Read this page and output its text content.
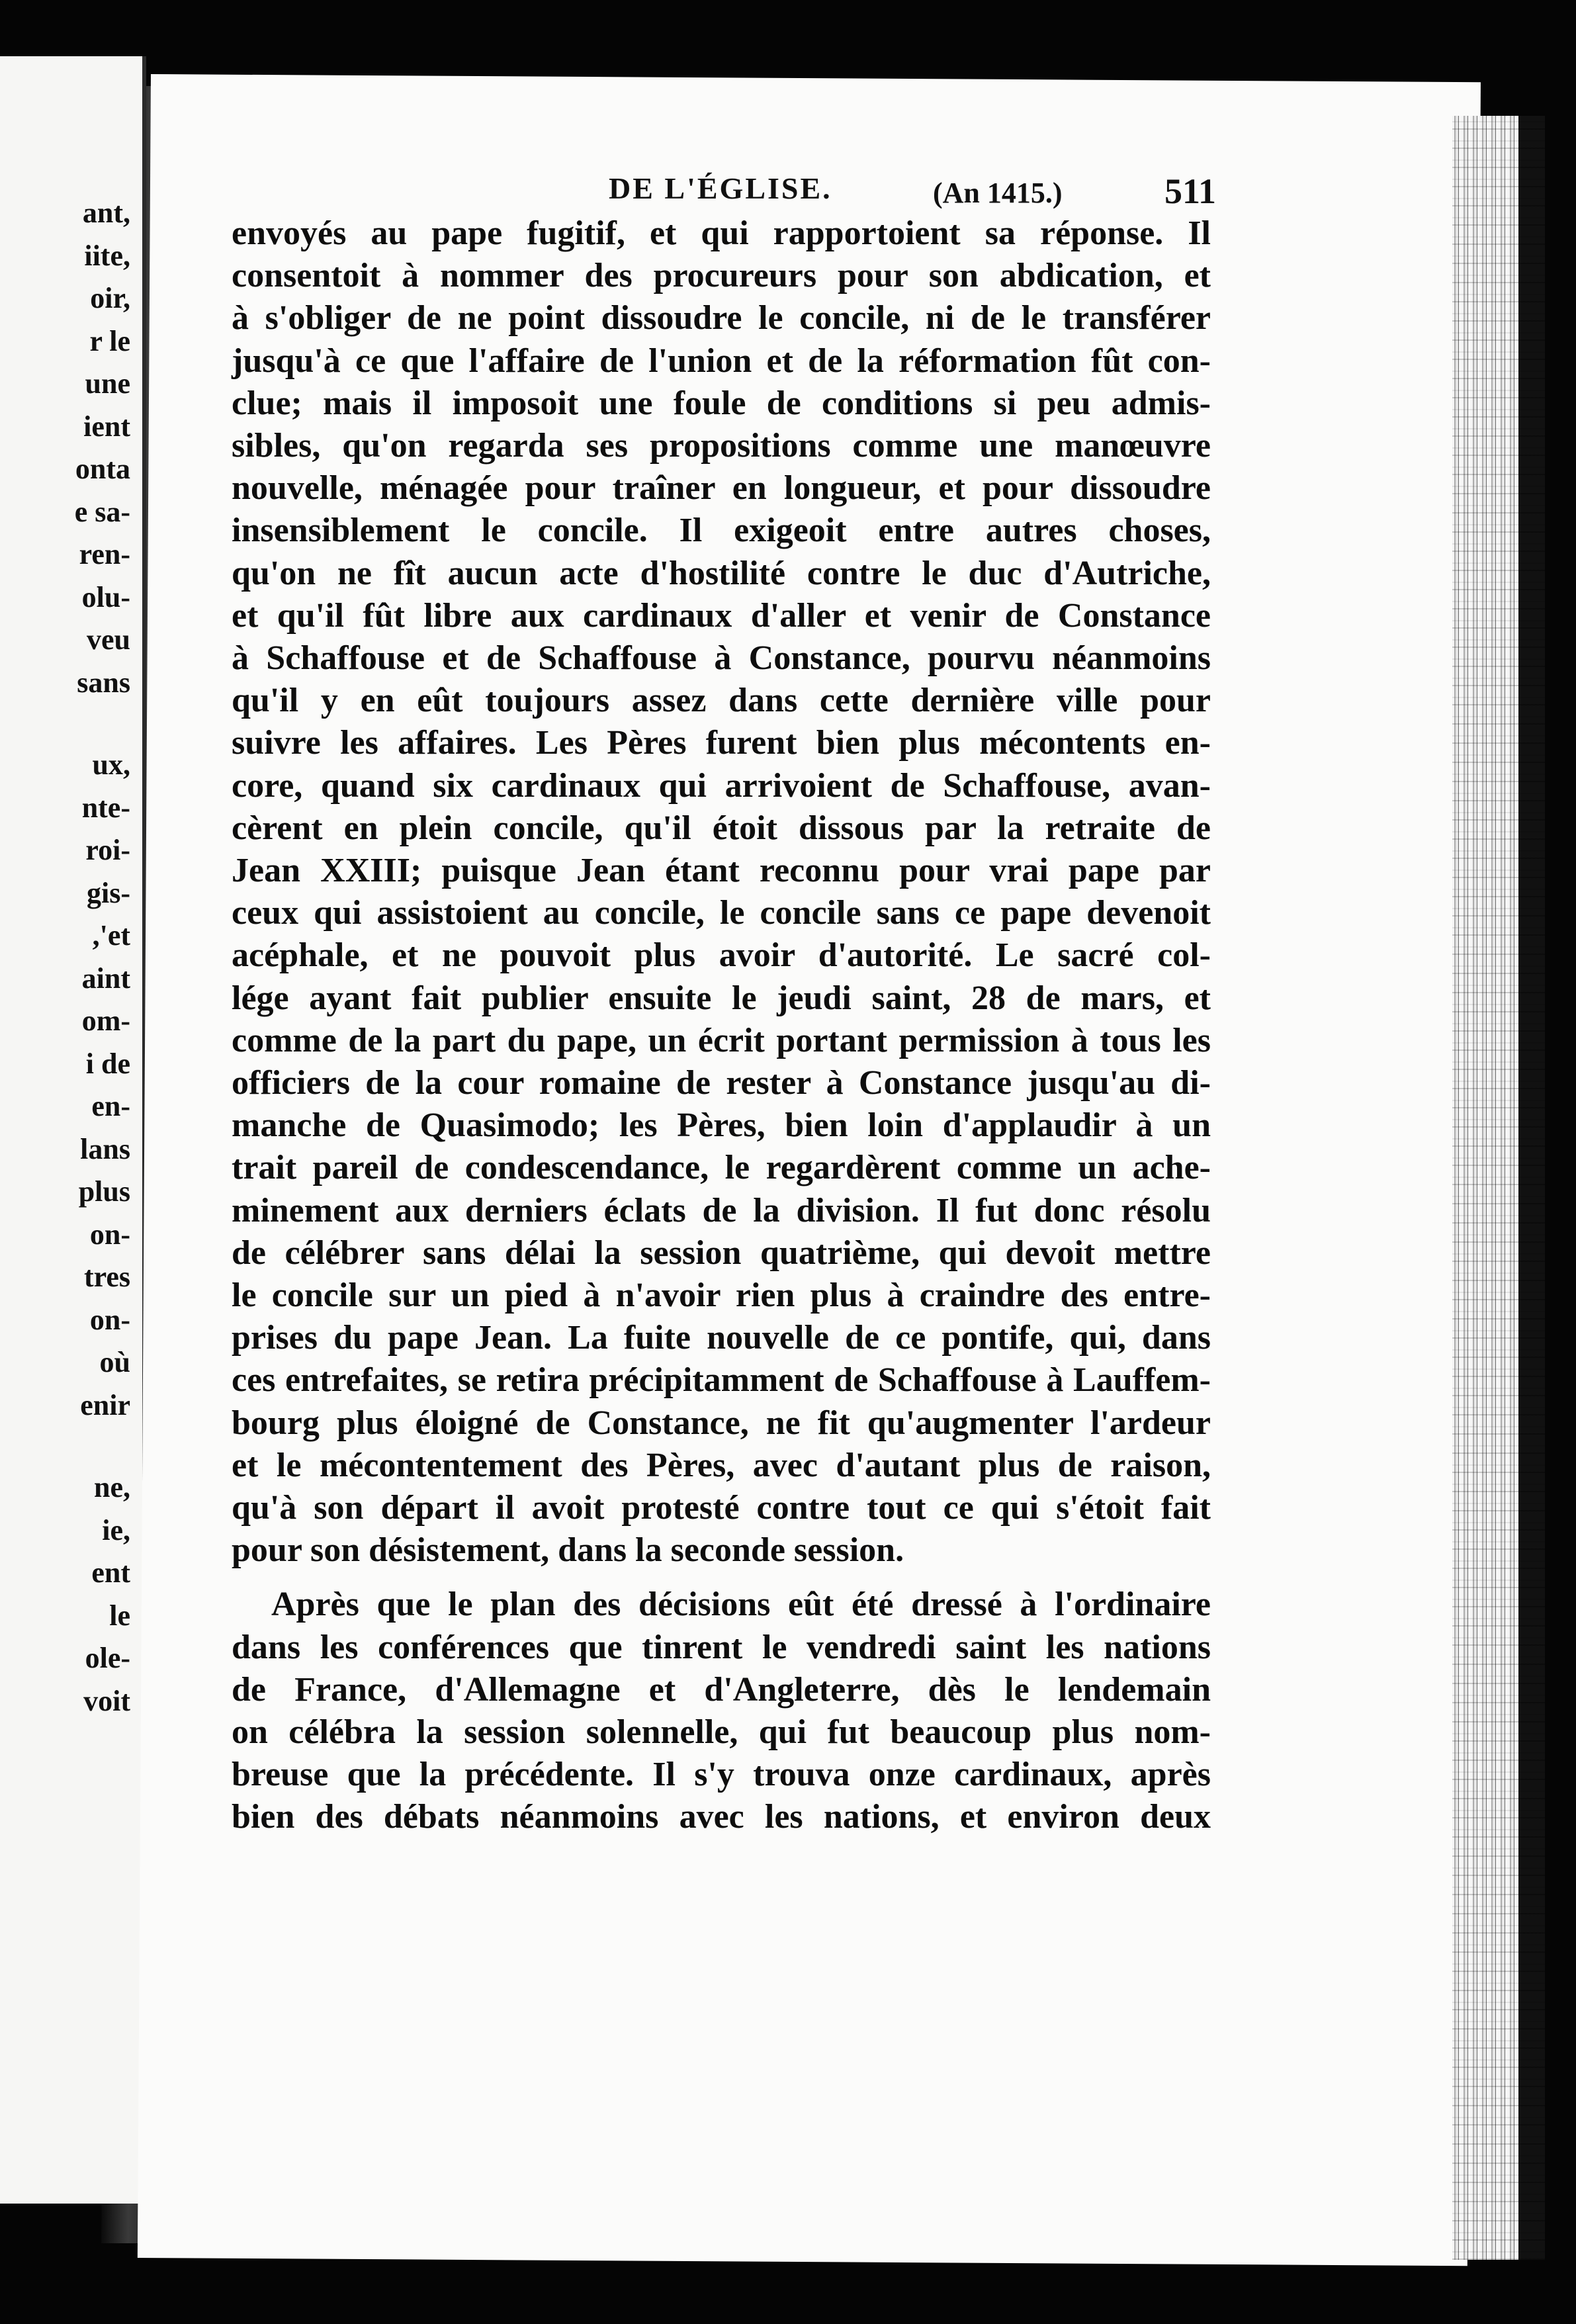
ant,
iite,
oir,
r le
une
ient
onta
e sa-
ren-
olu-
veu
sans
ux,
nte-
roi-
gis-
,'et
aint
om-
i de
en-
lans
plus
on-
tres
on-
où
enir
ne,
ie,
ent
le
ole-
voit
DE L'ÉGLISE.	(An 1415.)	511
envoyés au pape fugitif, et qui rapportoient sa réponse. Il
consentoit à nommer des procureurs pour son abdication, et
à s'obliger de ne point dissoudre le concile, ni de le transférer
jusqu'à ce que l'affaire de l'union et de la réformation fût con-
clue; mais il imposoit une foule de conditions si peu admis-
sibles, qu'on regarda ses propositions comme une manœuvre
nouvelle, ménagée pour traîner en longueur, et pour dissoudre
insensiblement le concile. Il exigeoit entre autres choses,
qu'on ne fît aucun acte d'hostilité contre le duc d'Autriche,
et qu'il fût libre aux cardinaux d'aller et venir de Constance
à Schaffouse et de Schaffouse à Constance, pourvu néanmoins
qu'il y en eût toujours assez dans cette dernière ville pour
suivre les affaires. Les Pères furent bien plus mécontents en-
core, quand six cardinaux qui arrivoient de Schaffouse, avan-
cèrent en plein concile, qu'il étoit dissous par la retraite de
Jean XXIII; puisque Jean étant reconnu pour vrai pape par
ceux qui assistoient au concile, le concile sans ce pape devenoit
acéphale, et ne pouvoit plus avoir d'autorité. Le sacré col-
lége ayant fait publier ensuite le jeudi saint, 28 de mars, et
comme de la part du pape, un écrit portant permission à tous les
officiers de la cour romaine de rester à Constance jusqu'au di-
manche de Quasimodo; les Pères, bien loin d'applaudir à un
trait pareil de condescendance, le regardèrent comme un ache-
minement aux derniers éclats de la division. Il fut donc résolu
de célébrer sans délai la session quatrième, qui devoit mettre
le concile sur un pied à n'avoir rien plus à craindre des entre-
prises du pape Jean. La fuite nouvelle de ce pontife, qui, dans
ces entrefaites, se retira précipitamment de Schaffouse à Lauffem-
bourg plus éloigné de Constance, ne fit qu'augmenter l'ardeur
et le mécontentement des Pères, avec d'autant plus de raison,
qu'à son départ il avoit protesté contre tout ce qui s'étoit fait
pour son désistement, dans la seconde session.
Après que le plan des décisions eût été dressé à l'ordinaire
dans les conférences que tinrent le vendredi saint les nations
de France, d'Allemagne et d'Angleterre, dès le lendemain
on célébra la session solennelle, qui fut beaucoup plus nom-
breuse que la précédente. Il s'y trouva onze cardinaux, après
bien des débats néanmoins avec les nations, et environ deux
